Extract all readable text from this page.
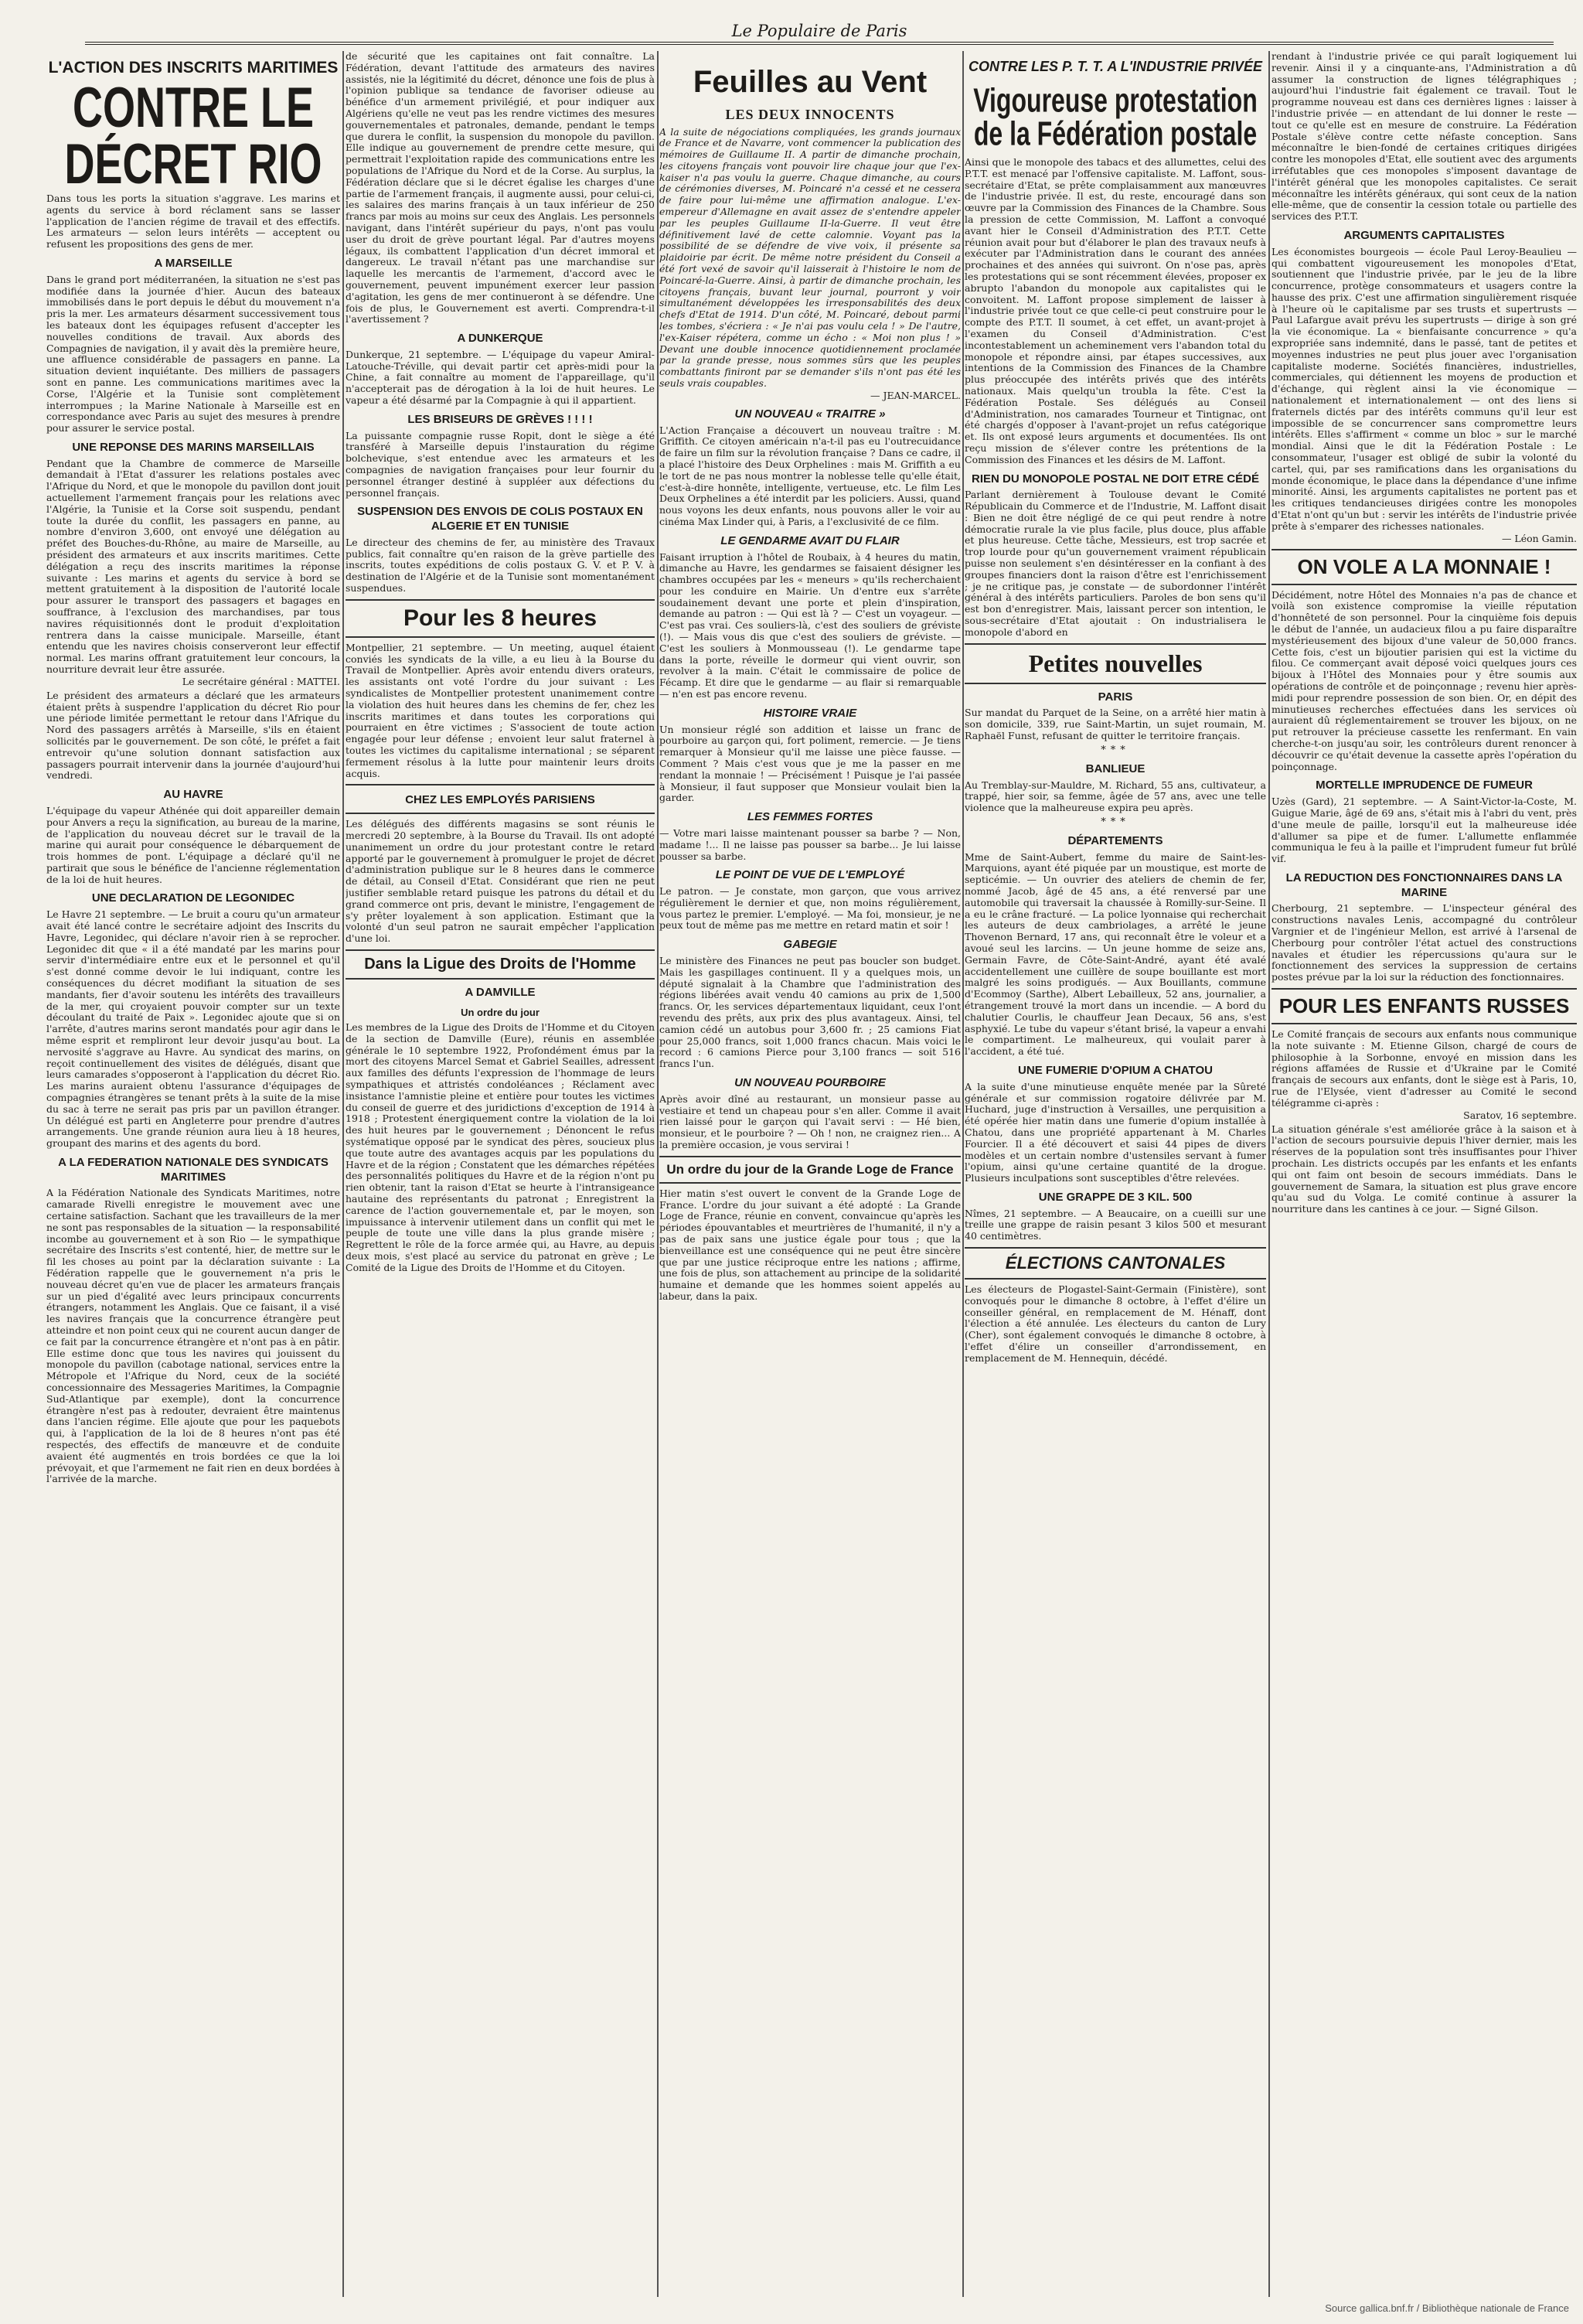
Le Populaire de Paris
L'ACTION DES INSCRITS MARITIMES
CONTRE LE DÉCRET RIO

Dans tous les ports la situation s'aggrave. Les marins et agents du service à bord réclament sans se lasser l'application de l'ancien régime de travail et des effectifs. Les armateurs — selon leurs intérêts — acceptent ou refusent les propositions des gens de mer.

A MARSEILLE

Dans le grand port méditerranéen, la situation ne s'est pas modifiée dans la journée d'hier. Aucun des bateaux immobilisés dans le port depuis le début du mouvement n'a pris la mer. Les armateurs désarment successivement tous les bateaux dont les équipages refusent d'accepter les nouvelles conditions de travail. Aux abords des Compagnies de navigation, il y avait dès la première heure, une affluence considérable de passagers en panne. La situation devient inquiétante. Des milliers de passagers sont en panne. Les communications maritimes avec la Corse, l'Algérie et la Tunisie sont complètement interrompues ; la Marine Nationale à Marseille est en correspondance avec Paris au sujet des mesures à prendre pour assurer le service postal.

UNE REPONSE DES MARINS MARSEILLAIS

Pendant que la Chambre de commerce de Marseille demandait à l'Etat d'assurer les relations postales avec l'Afrique du Nord, et que le monopole du pavillon dont jouit actuellement l'armement français pour les relations avec l'Algérie, la Tunisie et la Corse soit suspendu, pendant toute la durée du conflit, les passagers en panne, au nombre d'environ 3,600, ont envoyé une délégation au préfet des Bouches-du-Rhône, au maire de Marseille, au président des armateurs et aux inscrits maritimes. Cette délégation a reçu des inscrits maritimes la réponse suivante : Les marins et agents du service à bord se mettent gratuitement à la disposition de l'autorité locale pour assurer le transport des passagers et bagages en souffrance, à l'exclusion des marchandises, par tous navires réquisitionnés dont le produit d'exploitation rentrera dans la caisse municipale. Marseille, étant entendu que les navires choisis conserveront leur effectif normal. Les marins offrant gratuitement leur concours, la nourriture devrait leur être assurée.

Le secrétaire général : MATTEI.

Le président des armateurs a déclaré que les armateurs étaient prêts à suspendre l'application du décret Rio pour une période limitée permettant le retour dans l'Afrique du Nord des passagers arrêtés à Marseille, s'ils en étaient sollicités par le gouvernement. De son côté, le préfet a fait entrevoir qu'une solution donnant satisfaction aux passagers pourrait intervenir dans la journée d'aujourd'hui vendredi.

AU HAVRE

L'équipage du vapeur Athénée qui doit appareiller demain pour Anvers a reçu la signification, au bureau de la marine, de l'application du nouveau décret sur le travail de la marine qui aurait pour conséquence le débarquement de trois hommes de pont. L'équipage a déclaré qu'il ne partirait que sous le bénéfice de l'ancienne réglementation de la loi de huit heures.

UNE DECLARATION DE LEGONIDEC

Le Havre 21 septembre. — Le bruit a couru qu'un armateur avait été lancé contre le secrétaire adjoint des Inscrits du Havre, Legonidec, qui déclare n'avoir rien à se reprocher. Legonidec dit que « il a été mandaté par les marins pour servir d'intermédiaire entre eux et le personnel et qu'il s'est donné comme devoir le lui indiquant, contre les conséquences du décret modifiant la situation de ses mandants, fier d'avoir soutenu les intérêts des travailleurs de la mer, qui croyaient pouvoir compter sur un texte découlant du traité de Paix ». Legonidec ajoute que si on l'arrête, d'autres marins seront mandatés pour agir dans le même esprit et rempliront leur devoir jusqu'au bout. La nervosité s'aggrave au Havre. Au syndicat des marins, on reçoit continuellement des visites de délégués, disant que leurs camarades s'opposeront à l'application du décret Rio. Les marins auraient obtenu l'assurance d'équipages de compagnies étrangères se tenant prêts à la suite de la mise du sac à terre ne serait pas pris par un pavillon étranger. Un délégué est parti en Angleterre pour prendre d'autres arrangements. Une grande réunion aura lieu à 18 heures, groupant des marins et des agents du bord.

A LA FEDERATION NATIONALE DES SYNDICATS MARITIMES

A la Fédération Nationale des Syndicats Maritimes, notre camarade Rivelli enregistre le mouvement avec une certaine satisfaction. Sachant que les travailleurs de la mer ne sont pas responsables de la situation — la responsabilité incombe au gouvernement et à son Rio — le sympathique secrétaire des Inscrits s'est contenté, hier, de mettre sur le fil les choses au point par la déclaration suivante : La Fédération rappelle que le gouvernement n'a pris le nouveau décret qu'en vue de placer les armateurs français sur un pied d'égalité avec leurs principaux concurrents étrangers, notamment les Anglais. Que ce faisant, il a visé les navires français que la concurrence étrangère peut atteindre et non point ceux qui ne courent aucun danger de ce fait par la concurrence étrangère et n'ont pas à en pâtir. Elle estime donc que tous les navires qui jouissent du monopole du pavillon (cabotage national, services entre la Métropole et l'Afrique du Nord, ceux de la société concessionnaire des Messageries Maritimes, la Compagnie Sud-Atlantique par exemple), dont la concurrence étrangère n'est pas à redouter, devraient être maintenus dans l'ancien régime. Elle ajoute que pour les paquebots qui, à l'application de la loi de 8 heures n'ont pas été respectés, des effectifs de manœuvre et de conduite avaient été augmentés en trois bordées ce que la loi prévoyait, et que l'armement ne fait rien en deux bordées à l'arrivée de la marche.

de sécurité que les capitaines ont fait connaître. La Fédération, devant l'attitude des armateurs des navires assistés, nie la légitimité du décret, dénonce une fois de plus à l'opinion publique sa tendance de favoriser odieuse au bénéfice d'un armement privilégié, et pour indiquer aux Algériens qu'elle ne veut pas les rendre victimes des mesures gouvernementales et patronales, demande, pendant le temps que durera le conflit, la suspension du monopole du pavillon. Elle indique au gouvernement de prendre cette mesure, qui permettrait l'exploitation rapide des communications entre les populations de l'Afrique du Nord et de la Corse. Au surplus, la Fédération déclare que si le décret égalise les charges d'une partie de l'armement français, il augmente aussi, pour celui-ci, les salaires des marins français à un taux inférieur de 250 francs par mois au moins sur ceux des Anglais. Les personnels navigant, dans l'intérêt supérieur du pays, n'ont pas voulu user du droit de grève pourtant légal. Par d'autres moyens légaux, ils combattent l'application d'un décret immoral et dangereux. Le travail n'étant pas une marchandise sur laquelle les mercantis de l'armement, d'accord avec le gouvernement, peuvent impunément exercer leur passion d'agitation, les gens de mer continueront à se défendre. Une fois de plus, le Gouvernement est averti. Comprendra-t-il l'avertissement ?

A DUNKERQUE

Dunkerque, 21 septembre. — L'équipage du vapeur Amiral-Latouche-Tréville, qui devait partir cet après-midi pour la Chine, a fait connaître au moment de l'appareillage, qu'il n'accepterait pas de dérogation à la loi de huit heures. Le vapeur a été désarmé par la Compagnie à qui il appartient.

LES BRISEURS DE GRÈVES ! ! ! !

La puissante compagnie russe Ropit, dont le siège a été transféré à Marseille depuis l'instauration du régime bolchevique, s'est entendue avec les armateurs et les compagnies de navigation françaises pour leur fournir du personnel étranger destiné à suppléer aux défections du personnel français.

SUSPENSION DES ENVOIS DE COLIS POSTAUX EN ALGERIE ET EN TUNISIE

Le directeur des chemins de fer, au ministère des Travaux publics, fait connaître qu'en raison de la grève partielle des inscrits, toutes expéditions de colis postaux G. V. et P. V. à destination de l'Algérie et de la Tunisie sont momentanément suspendues.

Pour les 8 heures

Montpellier, 21 septembre. — Un meeting, auquel étaient conviés les syndicats de la ville, a eu lieu à la Bourse du Travail de Montpellier. Après avoir entendu divers orateurs, les assistants ont voté l'ordre du jour suivant : Les syndicalistes de Montpellier protestent unanimement contre la violation des huit heures dans les chemins de fer, chez les inscrits maritimes et dans toutes les corporations qui pourraient en être victimes ; S'associent de toute action engagée pour leur défense ; envoient leur salut fraternel à toutes les victimes du capitalisme international ; se séparent fermement résolus à la lutte pour maintenir leurs droits acquis.

CHEZ LES EMPLOYÉS PARISIENS

Les délégués des différents magasins se sont réunis le mercredi 20 septembre, à la Bourse du Travail. Ils ont adopté unanimement un ordre du jour protestant contre le retard apporté par le gouvernement à promulguer le projet de décret d'administration publique sur le 8 heures dans le commerce de détail, au Conseil d'Etat. Considérant que rien ne peut justifier semblable retard puisque les patrons du détail et du grand commerce ont pris, devant le ministre, l'engagement de s'y prêter loyalement à son application. Estimant que la volonté d'un seul patron ne saurait empêcher l'application d'une loi.

Dans la Ligue des Droits de l'Homme
A DAMVILLE
Un ordre du jour

Les membres de la Ligue des Droits de l'Homme et du Citoyen de la section de Damville (Eure), réunis en assemblée générale le 10 septembre 1922, Profondément émus par la mort des citoyens Marcel Semat et Gabriel Seailles, adressent aux familles des défunts l'expression de l'hommage de leurs sympathiques et attristés condoléances ; Réclament avec insistance l'amnistie pleine et entière pour toutes les victimes du conseil de guerre et des juridictions d'exception de 1914 à 1918 ; Protestent énergiquement contre la violation de la loi des huit heures par le gouvernement ; Dénoncent le refus systématique opposé par le syndicat des pères, soucieux plus que toute autre des avantages acquis par les populations du Havre et de la région ; Constatent que les démarches répétées des personnalités politiques du Havre et de la région n'ont pu rien obtenir, tant la raison d'Etat se heurte à l'intransigeance hautaine des représentants du patronat ; Enregistrent la carence de l'action gouvernementale et, par le moyen, son impuissance à intervenir utilement dans un conflit qui met le peuple de toute une ville dans la plus grande misère ; Regrettent le rôle de la force armée qui, au Havre, au depuis deux mois, s'est placé au service du patronat en grève ; Le Comité de la Ligue des Droits de l'Homme et du Citoyen.

Feuilles au Vent
LES DEUX INNOCENTS

A la suite de négociations compliquées, les grands journaux de France et de Navarre, vont commencer la publication des mémoires de Guillaume II. A partir de dimanche prochain, les citoyens français vont pouvoir lire chaque jour que l'ex-kaiser n'a pas voulu la guerre. Chaque dimanche, au cours de cérémonies diverses, M. Poincaré n'a cessé et ne cessera de faire pour lui-même une affirmation analogue. L'ex-empereur d'Allemagne en avait assez de s'entendre appeler par les peuples Guillaume II-la-Guerre. Il veut être définitivement lavé de cette calomnie. Voyant pas la possibilité de se défendre de vive voix, il présente sa plaidoirie par écrit. De même notre président du Conseil a été fort vexé de savoir qu'il laisserait à l'histoire le nom de Poincaré-la-Guerre. Ainsi, à partir de dimanche prochain, les citoyens français, buvant leur journal, pourront y voir simultanément développées les irresponsabilités des deux chefs d'Etat de 1914. D'un côté, M. Poincaré, debout parmi les tombes, s'écriera : « Je n'ai pas voulu cela ! » De l'autre, l'ex-Kaiser répétera, comme un écho : « Moi non plus ! » Devant une double innocence quotidiennement proclamée par la grande presse, nous sommes sûrs que les peuples combattants finiront par se demander s'ils n'ont pas été les seuls vrais coupables.

— JEAN-MARCEL.
UN NOUVEAU « TRAITRE »

L'Action Française a découvert un nouveau traître : M. Griffith. Ce citoyen américain n'a-t-il pas eu l'outrecuidance de faire un film sur la révolution française ? Dans ce cadre, il a placé l'histoire des Deux Orphelines : mais M. Griffith a eu le tort de ne pas nous montrer la noblesse telle qu'elle était, c'est-à-dire honnête, intelligente, vertueuse, etc. Le film Les Deux Orphelines a été interdit par les policiers. Aussi, quand nous voyons les deux enfants, nous pouvons aller le voir au cinéma Max Linder qui, à Paris, a l'exclusivité de ce film.

LE GENDARME AVAIT DU FLAIR

Faisant irruption à l'hôtel de Roubaix, à 4 heures du matin, dimanche au Havre, les gendarmes se faisaient désigner les chambres occupées par les « meneurs » qu'ils recherchaient pour les conduire en Mairie. Un d'entre eux s'arrête soudainement devant une porte et plein d'inspiration, demande au patron : — Qui est là ? — C'est un voyageur. — C'est pas vrai. Ces souliers-là, c'est des souliers de gréviste (!). — Mais vous dis que c'est des souliers de gréviste. — C'est les souliers à Monmousseau (!). Le gendarme tape dans la porte, réveille le dormeur qui vient ouvrir, son revolver à la main. C'était le commissaire de police de Fécamp. Et dire que le gendarme — au flair si remarquable — n'en est pas encore revenu.

HISTOIRE VRAIE

Un monsieur réglé son addition et laisse un franc de pourboire au garçon qui, fort poliment, remercie. — Je tiens remarquer à Monsieur qu'il me laisse une pièce fausse. — Comment ? Mais c'est vous que je me la passer en me rendant la monnaie ! — Précisément ! Puisque je l'ai passée à Monsieur, il faut supposer que Monsieur voulait bien la garder.

LES FEMMES FORTES

— Votre mari laisse maintenant pousser sa barbe ? — Non, madame !... Il ne laisse pas pousser sa barbe... Je lui laisse pousser sa barbe.

LE POINT DE VUE DE L'EMPLOYÉ

Le patron. — Je constate, mon garçon, que vous arrivez régulièrement le dernier et que, non moins régulièrement, vous partez le premier. L'employé. — Ma foi, monsieur, je ne peux tout de même pas me mettre en retard matin et soir !

GABEGIE

Le ministère des Finances ne peut pas boucler son budget. Mais les gaspillages continuent. Il y a quelques mois, un député signalait à la Chambre que l'administration des régions libérées avait vendu 40 camions au prix de 1,500 francs. Or, les services départementaux liquidant, ceux l'ont revendu des prêts, aux prix des plus avantageux. Ainsi, tel camion cédé un autobus pour 3,600 fr. ; 25 camions Fiat pour 25,000 francs, soit 1,000 francs chacun. Mais voici le record : 6 camions Pierce pour 3,100 francs — soit 516 francs l'un.

UN NOUVEAU POURBOIRE

Après avoir dîné au restaurant, un monsieur passe au vestiaire et tend un chapeau pour s'en aller. Comme il avait rien laissé pour le garçon qui l'avait servi : — Hé bien, monsieur, et le pourboire ? — Oh ! non, ne craignez rien... A la première occasion, je vous servirai !

Un ordre du jour de la Grande Loge de France

Hier matin s'est ouvert le convent de la Grande Loge de France. L'ordre du jour suivant a été adopté : La Grande Loge de France, réunie en convent, convaincue qu'après les périodes épouvantables et meurtrières de l'humanité, il n'y a pas de paix sans une justice égale pour tous ; que la bienveillance est une conséquence qui ne peut être sincère que par une justice réciproque entre les nations ; affirme, une fois de plus, son attachement au principe de la solidarité humaine et demande que les hommes soient appelés au labeur, dans la paix.

CONTRE LES P. T. T. A L'INDUSTRIE PRIVÉE
Vigoureuse protestation de la Fédération postale

Ainsi que le monopole des tabacs et des allumettes, celui des P.T.T. est menacé par l'offensive capitaliste. M. Laffont, sous-secrétaire d'Etat, se prête complaisamment aux manœuvres de l'industrie privée. Il est, du reste, encouragé dans son œuvre par la Commission des Finances de la Chambre. Sous la pression de cette Commission, M. Laffont a convoqué avant hier le Conseil d'Administration des P.T.T. Cette réunion avait pour but d'élaborer le plan des travaux neufs à exécuter par l'Administration dans le courant des années prochaines et des années qui suivront. On n'ose pas, après les protestations qui se sont récemment élevées, proposer ex abrupto l'abandon du monopole aux capitalistes qui le convoitent. M. Laffont propose simplement de laisser à l'industrie privée tout ce que celle-ci peut construire pour le compte des P.T.T. Il soumet, à cet effet, un avant-projet à l'examen du Conseil d'Administration. C'est incontestablement un acheminement vers l'abandon total du monopole et répondre ainsi, par étapes successives, aux intentions de la Commission des Finances de la Chambre plus préoccupée des intérêts privés que des intérêts nationaux. Mais quelqu'un troubla la fête. C'est la Fédération Postale. Ses délégués au Conseil d'Administration, nos camarades Tourneur et Tintignac, ont été chargés d'opposer à l'avant-projet un refus catégorique et. Ils ont exposé leurs arguments et documentées. Ils ont reçu mission de s'élever contre les prétentions de la Commission des Finances et les désirs de M. Laffont.

RIEN DU MONOPOLE POSTAL NE DOIT ETRE CÉDÉ

Parlant dernièrement à Toulouse devant le Comité Républicain du Commerce et de l'Industrie, M. Laffont disait : Bien ne doit être négligé de ce qui peut rendre à notre démocratie rurale la vie plus facile, plus douce, plus affable et plus heureuse. Cette tâche, Messieurs, est trop sacrée et trop lourde pour qu'un gouvernement vraiment républicain puisse non seulement s'en désintéresser en la confiant à des groupes financiers dont la raison d'être est l'enrichissement ; je ne critique pas, je constate — de subordonner l'intérêt général à des intérêts particuliers. Paroles de bon sens qu'il est bon d'enregistrer. Mais, laissant percer son intention, le sous-secrétaire d'Etat ajoutait : On industrialisera le monopole d'abord en

Petites nouvelles
PARIS

Sur mandat du Parquet de la Seine, on a arrêté hier matin à son domicile, 339, rue Saint-Martin, un sujet roumain, M. Raphaël Funst, refusant de quitter le territoire français.

***
BANLIEUE

Au Tremblay-sur-Mauldre, M. Richard, 55 ans, cultivateur, a trappé, hier soir, sa femme, âgée de 57 ans, avec une telle violence que la malheureuse expira peu après.

***
DÉPARTEMENTS

Mme de Saint-Aubert, femme du maire de Saint-les-Marquions, ayant été piquée par un moustique, est morte de septicémie. — Un ouvrier des ateliers de chemin de fer, nommé Jacob, âgé de 45 ans, a été renversé par une automobile qui traversait la chaussée à Romilly-sur-Seine. Il a eu le crâne fracturé. — La police lyonnaise qui recherchait les auteurs de deux cambriolages, a arrêté le jeune Thovenon Bernard, 17 ans, qui reconnaît être le voleur et a avoué seul les larcins. — Un jeune homme de seize ans, Germain Favre, de Côte-Saint-André, ayant été avalé accidentellement une cuillère de soupe bouillante est mort malgré les soins prodigués. — Aux Bouillants, commune d'Ecommoy (Sarthe), Albert Lebailleux, 52 ans, journalier, a étrangement trouvé la mort dans un incendie. — A bord du chalutier Courlis, le chauffeur Jean Decaux, 56 ans, s'est asphyxié. Le tube du vapeur s'étant brisé, la vapeur a envahi le compartiment. Le malheureux, qui voulait parer à l'accident, a été tué.

UNE FUMERIE D'OPIUM A CHATOU

A la suite d'une minutieuse enquête menée par la Sûreté générale et sur commission rogatoire délivrée par M. Huchard, juge d'instruction à Versailles, une perquisition a été opérée hier matin dans une fumerie d'opium installée à Chatou, dans une propriété appartenant à M. Charles Fourcier. Il a été découvert et saisi 44 pipes de divers modèles et un certain nombre d'ustensiles servant à fumer l'opium, ainsi qu'une certaine quantité de la drogue. Plusieurs inculpations sont susceptibles d'être relevées.

UNE GRAPPE DE 3 KIL. 500

Nîmes, 21 septembre. — A Beaucaire, on a cueilli sur une treille une grappe de raisin pesant 3 kilos 500 et mesurant 40 centimètres.

ÉLECTIONS CANTONALES

Les électeurs de Plogastel-Saint-Germain (Finistère), sont convoqués pour le dimanche 8 octobre, à l'effet d'élire un conseiller général, en remplacement de M. Hénaff, dont l'élection a été annulée. Les électeurs du canton de Lury (Cher), sont également convoqués le dimanche 8 octobre, à l'effet d'élire un conseiller d'arrondissement, en remplacement de M. Hennequin, décédé.

rendant à l'industrie privée ce qui paraît logiquement lui revenir. Ainsi il y a cinquante-ans, l'Administration a dû assumer la construction de lignes télégraphiques ; aujourd'hui l'industrie fait également ce travail. Tout le programme nouveau est dans ces dernières lignes : laisser à l'industrie privée — en attendant de lui donner le reste — tout ce qu'elle est en mesure de construire. La Fédération Postale s'élève contre cette néfaste conception. Sans méconnaître le bien-fondé de certaines critiques dirigées contre les monopoles d'Etat, elle soutient avec des arguments irréfutables que ces monopoles s'imposent davantage de l'intérêt général que les monopoles capitalistes. Ce serait méconnaître les intérêts généraux, qui sont ceux de la nation elle-même, que de consentir la cession totale ou partielle des services des P.T.T.

ARGUMENTS CAPITALISTES

Les économistes bourgeois — école Paul Leroy-Beaulieu — qui combattent vigoureusement les monopoles d'Etat, soutiennent que l'industrie privée, par le jeu de la libre concurrence, protège consommateurs et usagers contre la hausse des prix. C'est une affirmation singulièrement risquée à l'heure où le capitalisme par ses trusts et supertrusts — Paul Lafargue avait prévu les supertrusts — dirige à son gré la vie économique. La « bienfaisante concurrence » qu'a expropriée sans indemnité, dans le passé, tant de petites et moyennes industries ne peut plus jouer avec l'organisation capitaliste moderne. Sociétés financières, industrielles, commerciales, qui détiennent les moyens de production et d'échange, qui règlent ainsi la vie économique — nationalement et internationalement — ont des liens si fraternels dictés par des intérêts communs qu'il leur est impossible de se concurrencer sans compromettre leurs intérêts. Elles s'affirment « comme un bloc » sur le marché mondial. Ainsi que le dit la Fédération Postale : Le consommateur, l'usager est obligé de subir la volonté du cartel, qui, par ses ramifications dans les organisations du monde économique, le place dans la dépendance d'une infime minorité. Ainsi, les arguments capitalistes ne portent pas et les critiques tendancieuses dirigées contre les monopoles d'Etat n'ont qu'un but : servir les intérêts de l'industrie privée prête à s'emparer des richesses nationales.

— Léon Gamin.
ON VOLE A LA MONNAIE !

Décidément, notre Hôtel des Monnaies n'a pas de chance et voilà son existence compromise la vieille réputation d'honnêteté de son personnel. Pour la cinquième fois depuis le début de l'année, un audacieux filou a pu faire disparaître mystérieusement des bijoux d'une valeur de 50,000 francs. Cette fois, c'est un bijoutier parisien qui est la victime du filou. Ce commerçant avait déposé voici quelques jours ces bijoux à l'Hôtel des Monnaies pour y être soumis aux opérations de contrôle et de poinçonnage ; revenu hier après-midi pour reprendre possession de son bien. Or, en dépit des minutieuses recherches effectuées dans les services où auraient dû réglementairement se trouver les bijoux, on ne put retrouver la précieuse cassette les renfermant. En vain cherche-t-on jusqu'au soir, les contrôleurs durent renoncer à découvrir ce qu'était devenue la cassette après l'opération du poinçonnage.

MORTELLE IMPRUDENCE DE FUMEUR

Uzès (Gard), 21 septembre. — A Saint-Victor-la-Coste, M. Guigue Marie, âgé de 69 ans, s'était mis à l'abri du vent, près d'une meule de paille, lorsqu'il eut la malheureuse idée d'allumer sa pipe et de fumer. L'allumette enflammée communiqua le feu à la paille et l'imprudent fumeur fut brûlé vif.

LA REDUCTION DES FONCTIONNAIRES DANS LA MARINE

Cherbourg, 21 septembre. — L'inspecteur général des constructions navales Lenis, accompagné du contrôleur Vargnier et de l'ingénieur Mellon, est arrivé à l'arsenal de Cherbourg pour contrôler l'état actuel des constructions navales et étudier les répercussions qu'aura sur le fonctionnement des services la suppression de certains postes prévue par la loi sur la réduction des fonctionnaires.

POUR LES ENFANTS RUSSES

Le Comité français de secours aux enfants nous communique la note suivante : M. Etienne Gilson, chargé de cours de philosophie à la Sorbonne, envoyé en mission dans les régions affamées de Russie et d'Ukraine par le Comité français de secours aux enfants, dont le siège est à Paris, 10, rue de l'Elysée, vient d'adresser au Comité le second télégramme ci-après :

Saratov, 16 septembre.

La situation générale s'est améliorée grâce à la saison et à l'action de secours poursuivie depuis l'hiver dernier, mais les réserves de la population sont très insuffisantes pour l'hiver prochain. Les districts occupés par les enfants et les enfants qui ont faim ont besoin de secours immédiats. Dans le gouvernement de Samara, la situation est plus grave encore qu'au sud du Volga. Le comité continue à assurer la nourriture dans les cantines à ce jour. — Signé Gilson.

Source gallica.bnf.fr / Bibliothèque nationale de France
